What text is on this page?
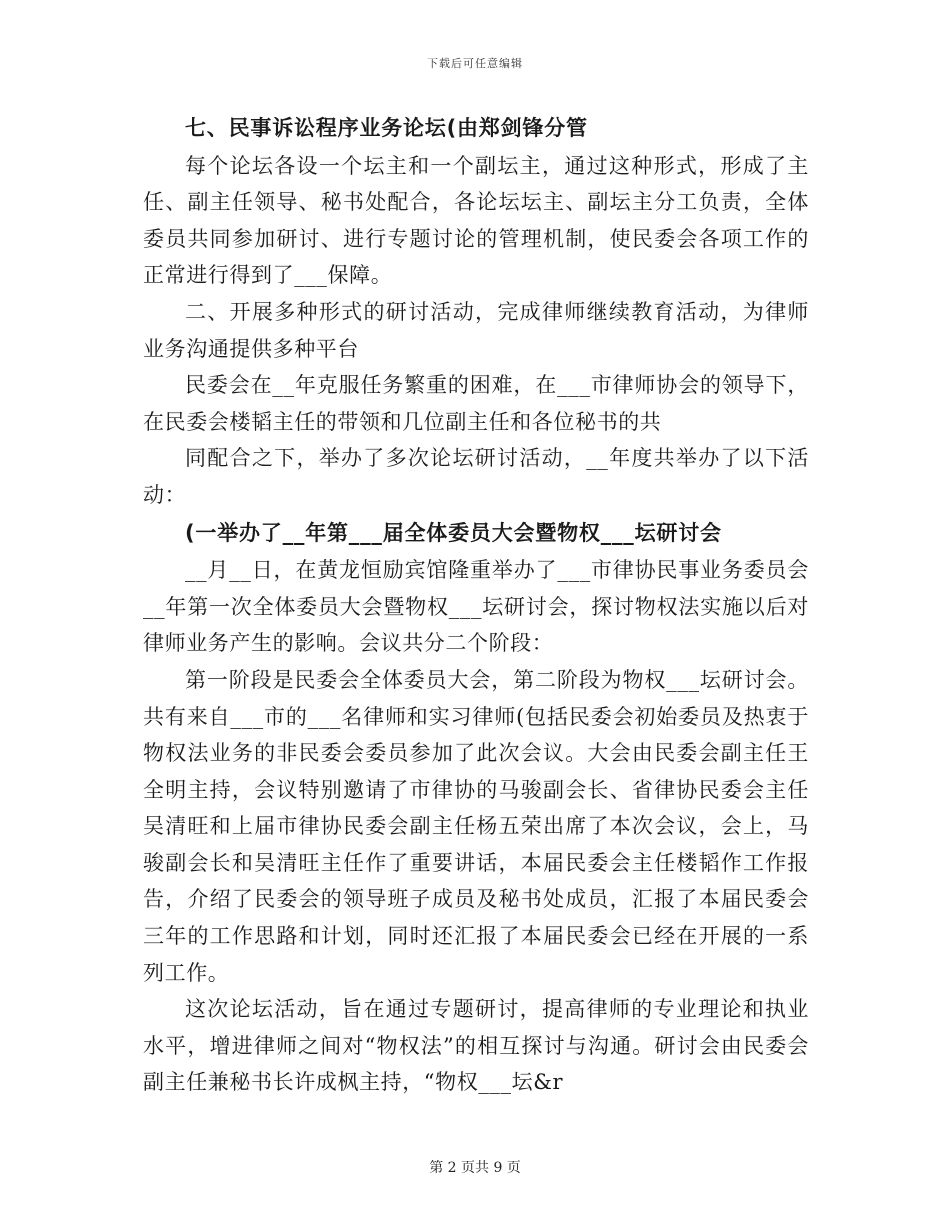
下载后可任意编辑

七、民事诉讼程序业务论坛(由郑剑锋分管

每个论坛各设一个坛主和一个副坛主，通过这种形式，形成了主任、副主任领导、秘书处配合，各论坛坛主、副坛主分工负责，全体委员共同参加研讨、进行专题讨论的管理机制，使民委会各项工作的正常进行得到了___保障。

二、开展多种形式的研讨活动，完成律师继续教育活动，为律师业务沟通提供多种平台

民委会在__年克服任务繁重的困难，在___市律师协会的领导下，在民委会楼韬主任的带领和几位副主任和各位秘书的共

同配合之下，举办了多次论坛研讨活动，__年度共举办了以下活动：

(一举办了__年第___届全体委员大会暨物权___坛研讨会

__月__日，在黄龙恒励宾馆隆重举办了___市律协民事业务委员会__年第一次全体委员大会暨物权___坛研讨会，探讨物权法实施以后对律师业务产生的影响。会议共分二个阶段：

第一阶段是民委会全体委员大会，第二阶段为物权___坛研讨会。共有来自___市的___名律师和实习律师(包括民委会初始委员及热衷于物权法业务的非民委会委员参加了此次会议。大会由民委会副主任王全明主持，会议特别邀请了市律协的马骏副会长、省律协民委会主任吴清旺和上届市律协民委会副主任杨五荣出席了本次会议，会上，马骏副会长和吴清旺主任作了重要讲话，本届民委会主任楼韬作工作报告，介绍了民委会的领导班子成员及秘书处成员，汇报了本届民委会三年的工作思路和计划，同时还汇报了本届民委会已经在开展的一系列工作。

这次论坛活动，旨在通过专题研讨，提高律师的专业理论和执业水平，增进律师之间对“物权法”的相互探讨与沟通。研讨会由民委会副主任兼秘书长许成枫主持，“物权___坛&r

第 2 页共 9 页
